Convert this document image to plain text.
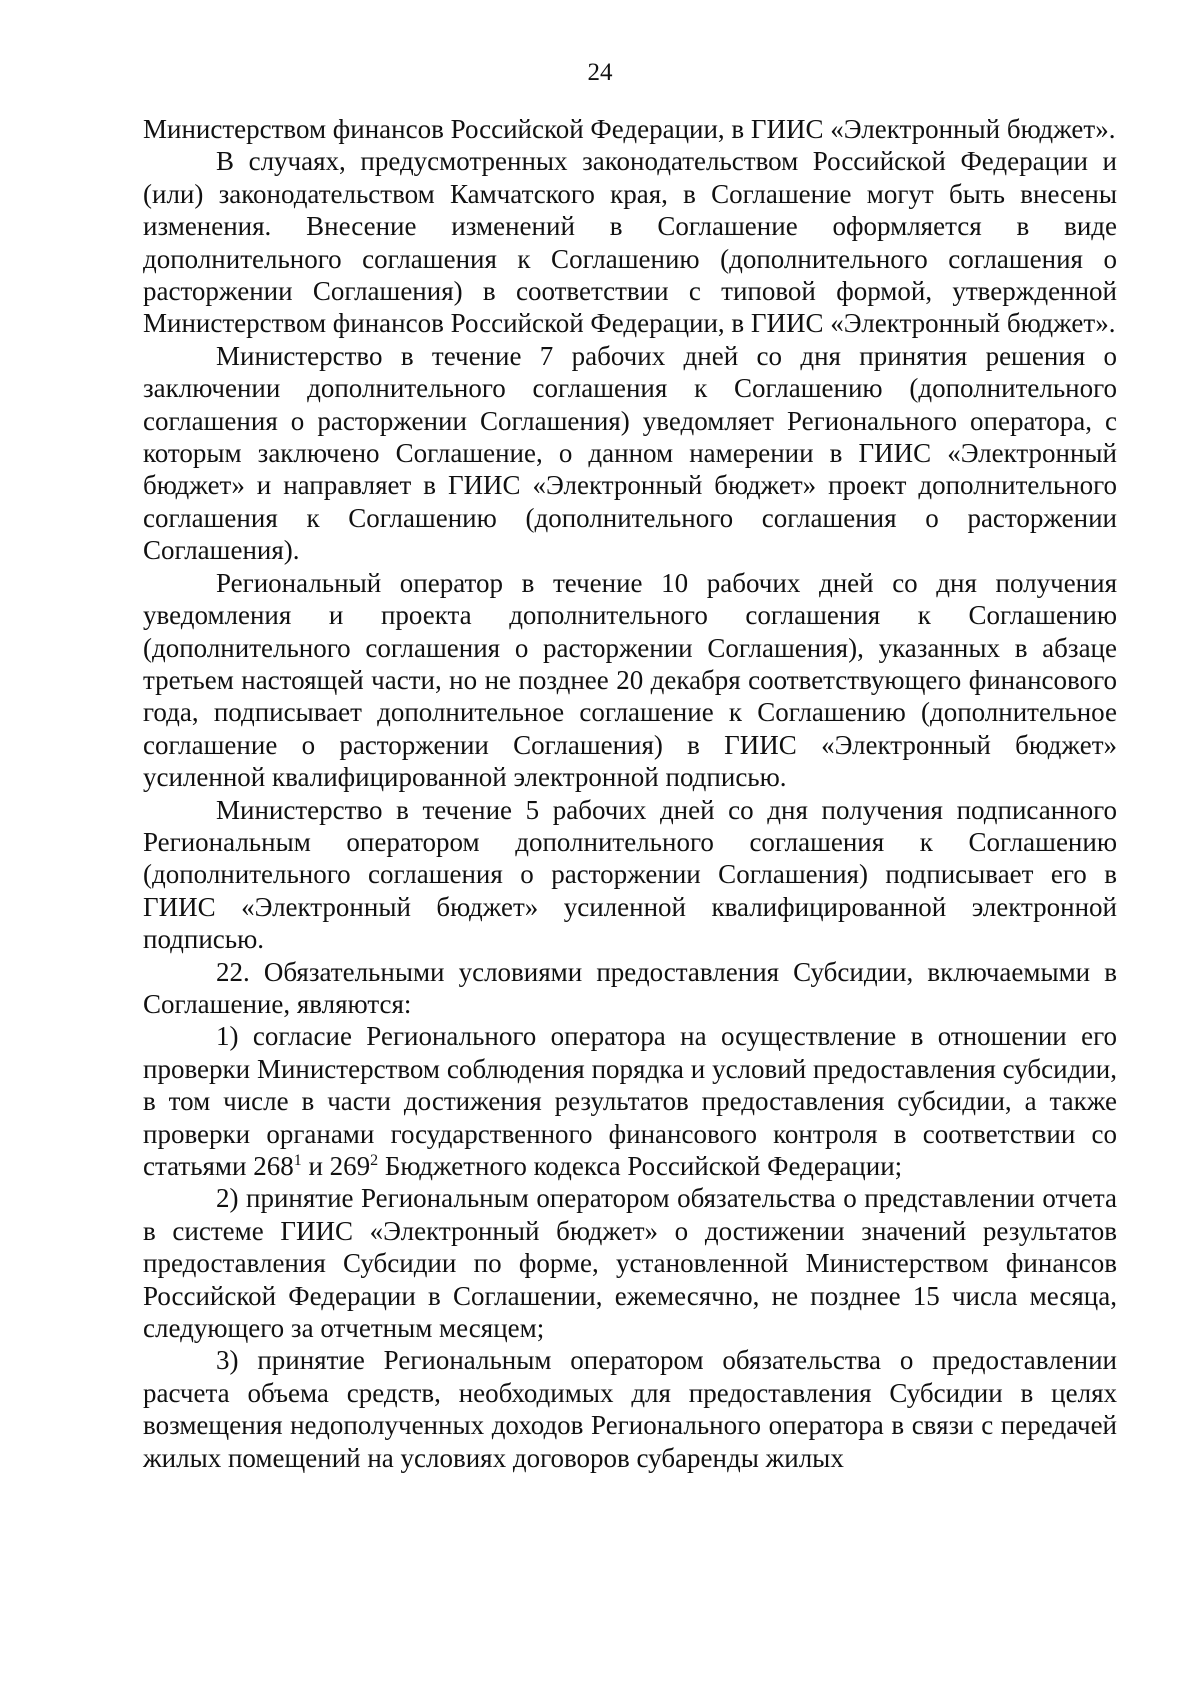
24

Министерством финансов Российской Федерации, в ГИИС «Электронный бюджет».

В случаях, предусмотренных законодательством Российской Федерации и (или) законодательством Камчатского края, в Соглашение могут быть внесены изменения. Внесение изменений в Соглашение оформляется в виде дополнительного соглашения к Соглашению (дополнительного соглашения о расторжении Соглашения) в соответствии с типовой формой, утвержденной Министерством финансов Российской Федерации, в ГИИС «Электронный бюджет».

Министерство в течение 7 рабочих дней со дня принятия решения о заключении дополнительного соглашения к Соглашению (дополнительного соглашения о расторжении Соглашения) уведомляет Регионального оператора, с которым заключено Соглашение, о данном намерении в ГИИС «Электронный бюджет» и направляет в ГИИС «Электронный бюджет» проект дополнительного соглашения к Соглашению (дополнительного соглашения о расторжении Соглашения).

Региональный оператор в течение 10 рабочих дней со дня получения уведомления и проекта дополнительного соглашения к Соглашению (дополнительного соглашения о расторжении Соглашения), указанных в абзаце третьем настоящей части, но не позднее 20 декабря соответствующего финансового года, подписывает дополнительное соглашение к Соглашению (дополнительное соглашение о расторжении Соглашения) в ГИИС «Электронный бюджет» усиленной квалифицированной электронной подписью.

Министерство в течение 5 рабочих дней со дня получения подписанного Региональным оператором дополнительного соглашения к Соглашению (дополнительного соглашения о расторжении Соглашения) подписывает его в ГИИС «Электронный бюджет» усиленной квалифицированной электронной подписью.

22. Обязательными условиями предоставления Субсидии, включаемыми в Соглашение, являются:

1) согласие Регионального оператора на осуществление в отношении его проверки Министерством соблюдения порядка и условий предоставления субсидии, в том числе в части достижения результатов предоставления субсидии, а также проверки органами государственного финансового контроля в соответствии со статьями $268^1$ и $269^2$ Бюджетного кодекса Российской Федерации;

2) принятие Региональным оператором обязательства о представлении отчета в системе ГИИС «Электронный бюджет» о достижении значений результатов предоставления Субсидии по форме, установленной Министерством финансов Российской Федерации в Соглашении, ежемесячно, не позднее 15 числа месяца, следующего за отчетным месяцем;

3) принятие Региональным оператором обязательства о предоставлении расчета объема средств, необходимых для предоставления Субсидии в целях возмещения недополученных доходов Регионального оператора в связи с передачей жилых помещений на условиях договоров субаренды жилых
